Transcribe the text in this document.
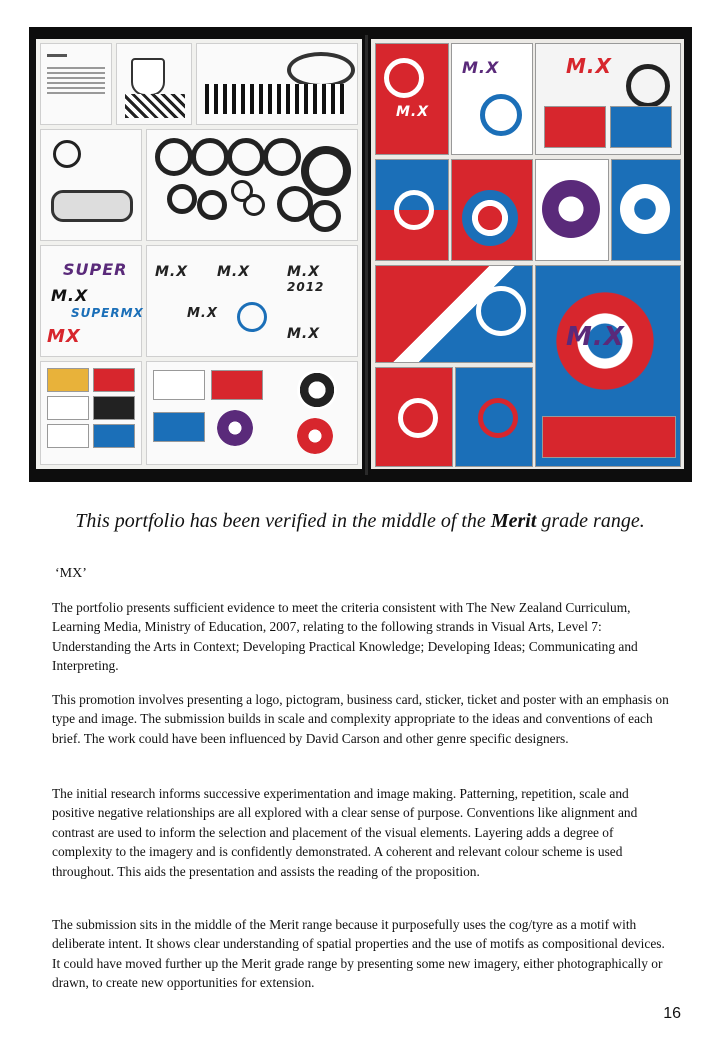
SUPER
M.X
SUPERMX
MX
M.X M.X	M.X
2012
M.X
M.X
M.X
M.X	M.X
M.X
This portfolio has been verified in the middle of the Merit grade range.
‘MX’

The portfolio presents sufficient evidence to meet the criteria consistent with The New Zealand Curriculum, Learning Media, Ministry of Education, 2007, relating to the following strands in Visual Arts, Level 7: Understanding the Arts in Context; Developing Practical Knowledge; Developing Ideas; Communicating and Interpreting.

This promotion involves presenting a logo, pictogram, business card, sticker, ticket and poster with an emphasis on type and image. The submission builds in scale and complexity appropriate to the ideas and conventions of each brief. The work could have been influenced by David Carson and other genre specific designers.

The initial research informs successive experimentation and image making. Patterning, repetition, scale and positive negative relationships are all explored with a clear sense of purpose. Conventions like alignment and contrast are used to inform the selection and placement of the visual elements. Layering adds a degree of complexity to the imagery and is confidently demonstrated. A coherent and relevant colour scheme is used throughout. This aids the presentation and assists the reading of the proposition.

The submission sits in the middle of the Merit range because it purposefully uses the cog/tyre as a motif with deliberate intent. It shows clear understanding of spatial properties and the use of motifs as compositional devices. It could have moved further up the Merit grade range by presenting some new imagery, either photographically or drawn, to create new opportunities for extension.

16
